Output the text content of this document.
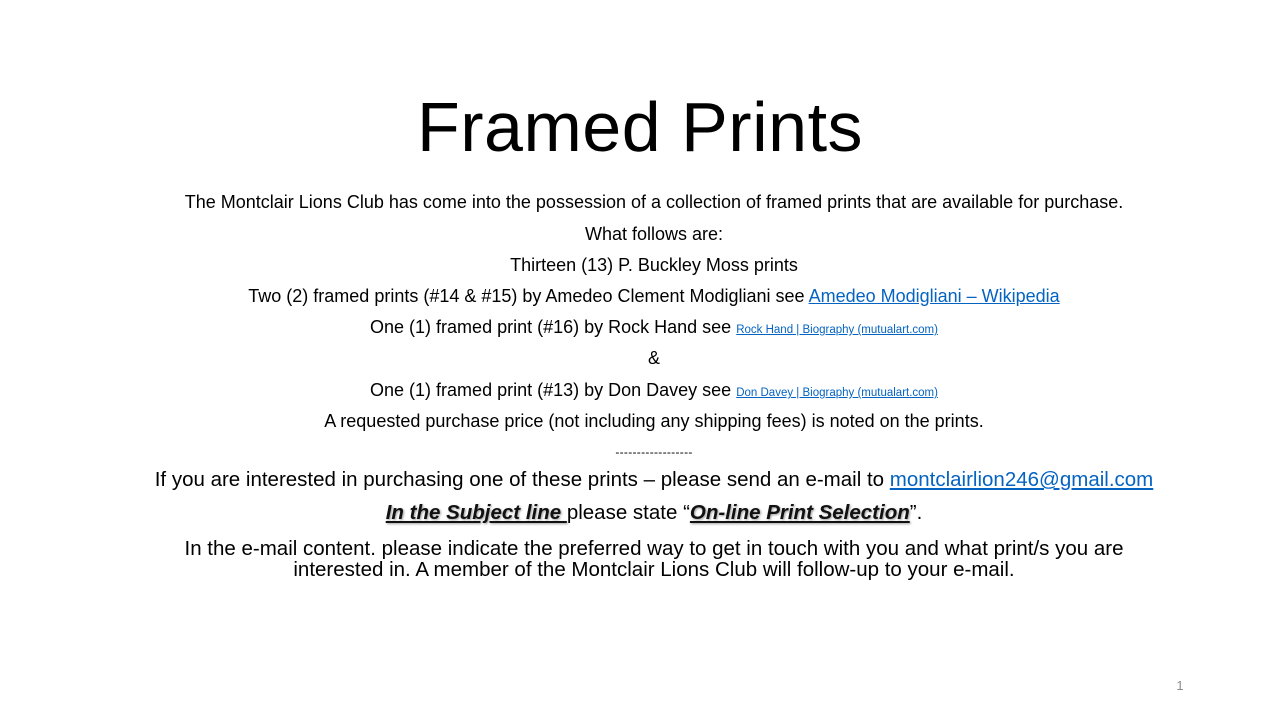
Framed Prints
The Montclair Lions Club has come into the possession of a collection of framed prints that are available for purchase.
What follows are:
Thirteen (13) P. Buckley Moss prints
Two (2) framed prints (#14 & #15) by Amedeo Clement Modigliani see Amedeo Modigliani – Wikipedia
One (1) framed print (#16) by Rock Hand see Rock Hand | Biography (mutualart.com)
&
One (1) framed print (#13) by Don Davey see Don Davey | Biography (mutualart.com)
A requested purchase price (not including any shipping fees) is noted on the prints.
------------------
If you are interested in purchasing one of these prints – please send an e-mail to montclairlion246@gmail.com
In the Subject line please state “On-line Print Selection”.
In the e-mail content. please indicate the preferred way to get in touch with you and what print/s you are
interested in. A member of the Montclair Lions Club will follow-up to your e-mail.
1
